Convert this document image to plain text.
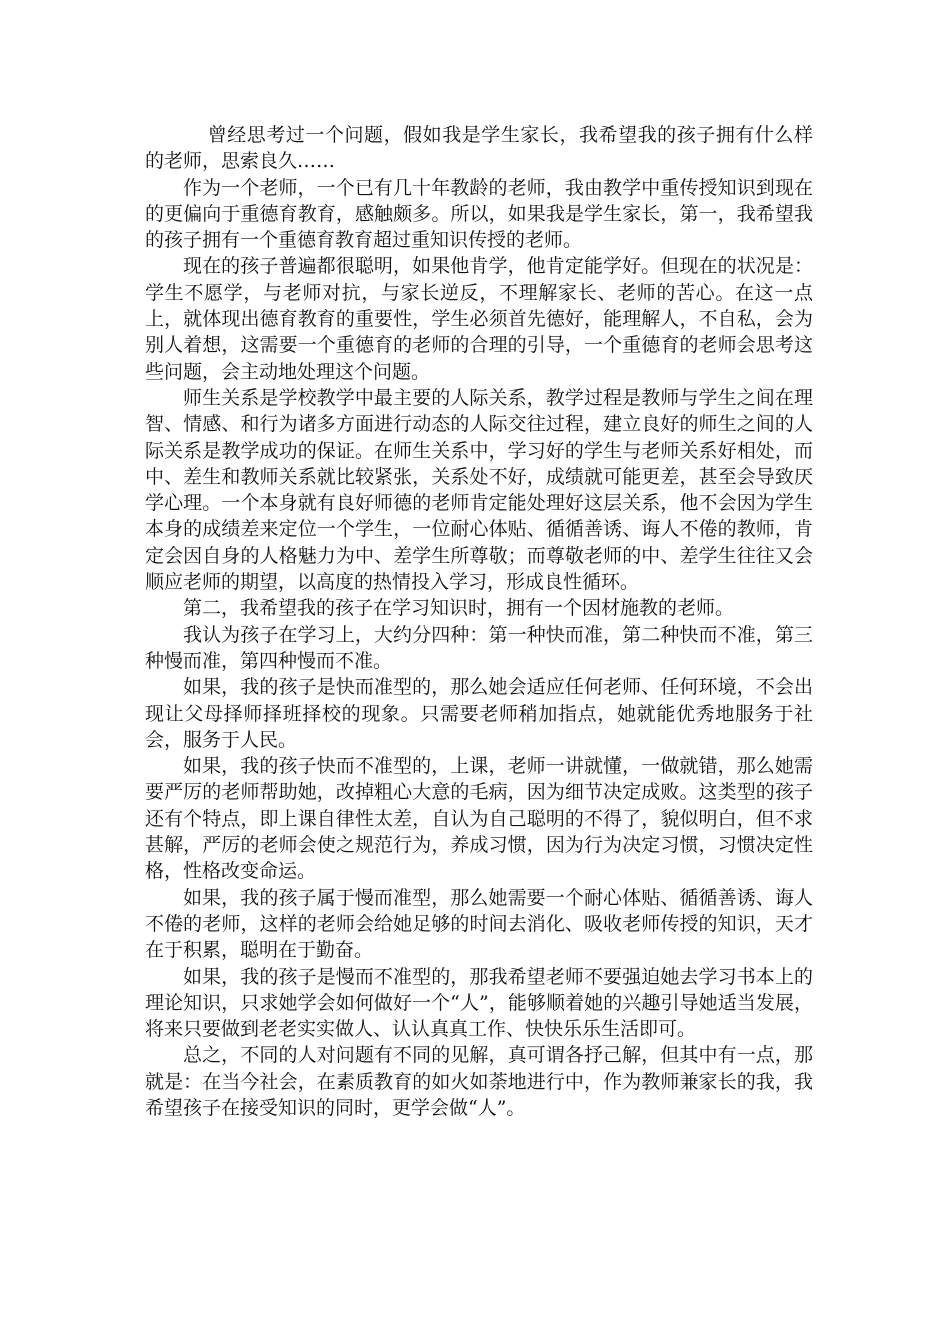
曾经思考过一个问题，假如我是学生家长，我希望我的孩子拥有什么样的老师，思索良久……

作为一个老师，一个已有几十年教龄的老师，我由教学中重传授知识到现在的更偏向于重德育教育，感触颇多。所以，如果我是学生家长，第一，我希望我的孩子拥有一个重德育教育超过重知识传授的老师。

现在的孩子普遍都很聪明，如果他肯学，他肯定能学好。但现在的状况是：学生不愿学，与老师对抗，与家长逆反，不理解家长、老师的苦心。在这一点上，就体现出德育教育的重要性，学生必须首先德好，能理解人，不自私，会为别人着想，这需要一个重德育的老师的合理的引导，一个重德育的老师会思考这些问题，会主动地处理这个问题。

师生关系是学校教学中最主要的人际关系，教学过程是教师与学生之间在理智、情感、和行为诸多方面进行动态的人际交往过程，建立良好的师生之间的人际关系是教学成功的保证。在师生关系中，学习好的学生与老师关系好相处，而中、差生和教师关系就比较紧张，关系处不好，成绩就可能更差，甚至会导致厌学心理。一个本身就有良好师德的老师肯定能处理好这层关系，他不会因为学生本身的成绩差来定位一个学生，一位耐心体贴、循循善诱、诲人不倦的教师，肯定会因自身的人格魅力为中、差学生所尊敬；而尊敬老师的中、差学生往往又会顺应老师的期望，以高度的热情投入学习，形成良性循环。

第二，我希望我的孩子在学习知识时，拥有一个因材施教的老师。

我认为孩子在学习上，大约分四种：第一种快而准，第二种快而不准，第三种慢而准，第四种慢而不准。

如果，我的孩子是快而准型的，那么她会适应任何老师、任何环境，不会出现让父母择师择班择校的现象。只需要老师稍加指点，她就能优秀地服务于社会，服务于人民。

如果，我的孩子快而不准型的，上课，老师一讲就懂，一做就错，那么她需要严厉的老师帮助她，改掉粗心大意的毛病，因为细节决定成败。这类型的孩子还有个特点，即上课自律性太差，自认为自己聪明的不得了，貌似明白，但不求甚解，严厉的老师会使之规范行为，养成习惯，因为行为决定习惯，习惯决定性格，性格改变命运。

如果，我的孩子属于慢而准型，那么她需要一个耐心体贴、循循善诱、诲人不倦的老师，这样的老师会给她足够的时间去消化、吸收老师传授的知识，天才在于积累，聪明在于勤奋。

如果，我的孩子是慢而不准型的，那我希望老师不要强迫她去学习书本上的理论知识，只求她学会如何做好一个“人”，能够顺着她的兴趣引导她适当发展，将来只要做到老老实实做人、认认真真工作、快快乐乐生活即可。

总之，不同的人对问题有不同的见解，真可谓各抒己解，但其中有一点，那就是：在当今社会，在素质教育的如火如荼地进行中，作为教师兼家长的我，我希望孩子在接受知识的同时，更学会做“人”。
